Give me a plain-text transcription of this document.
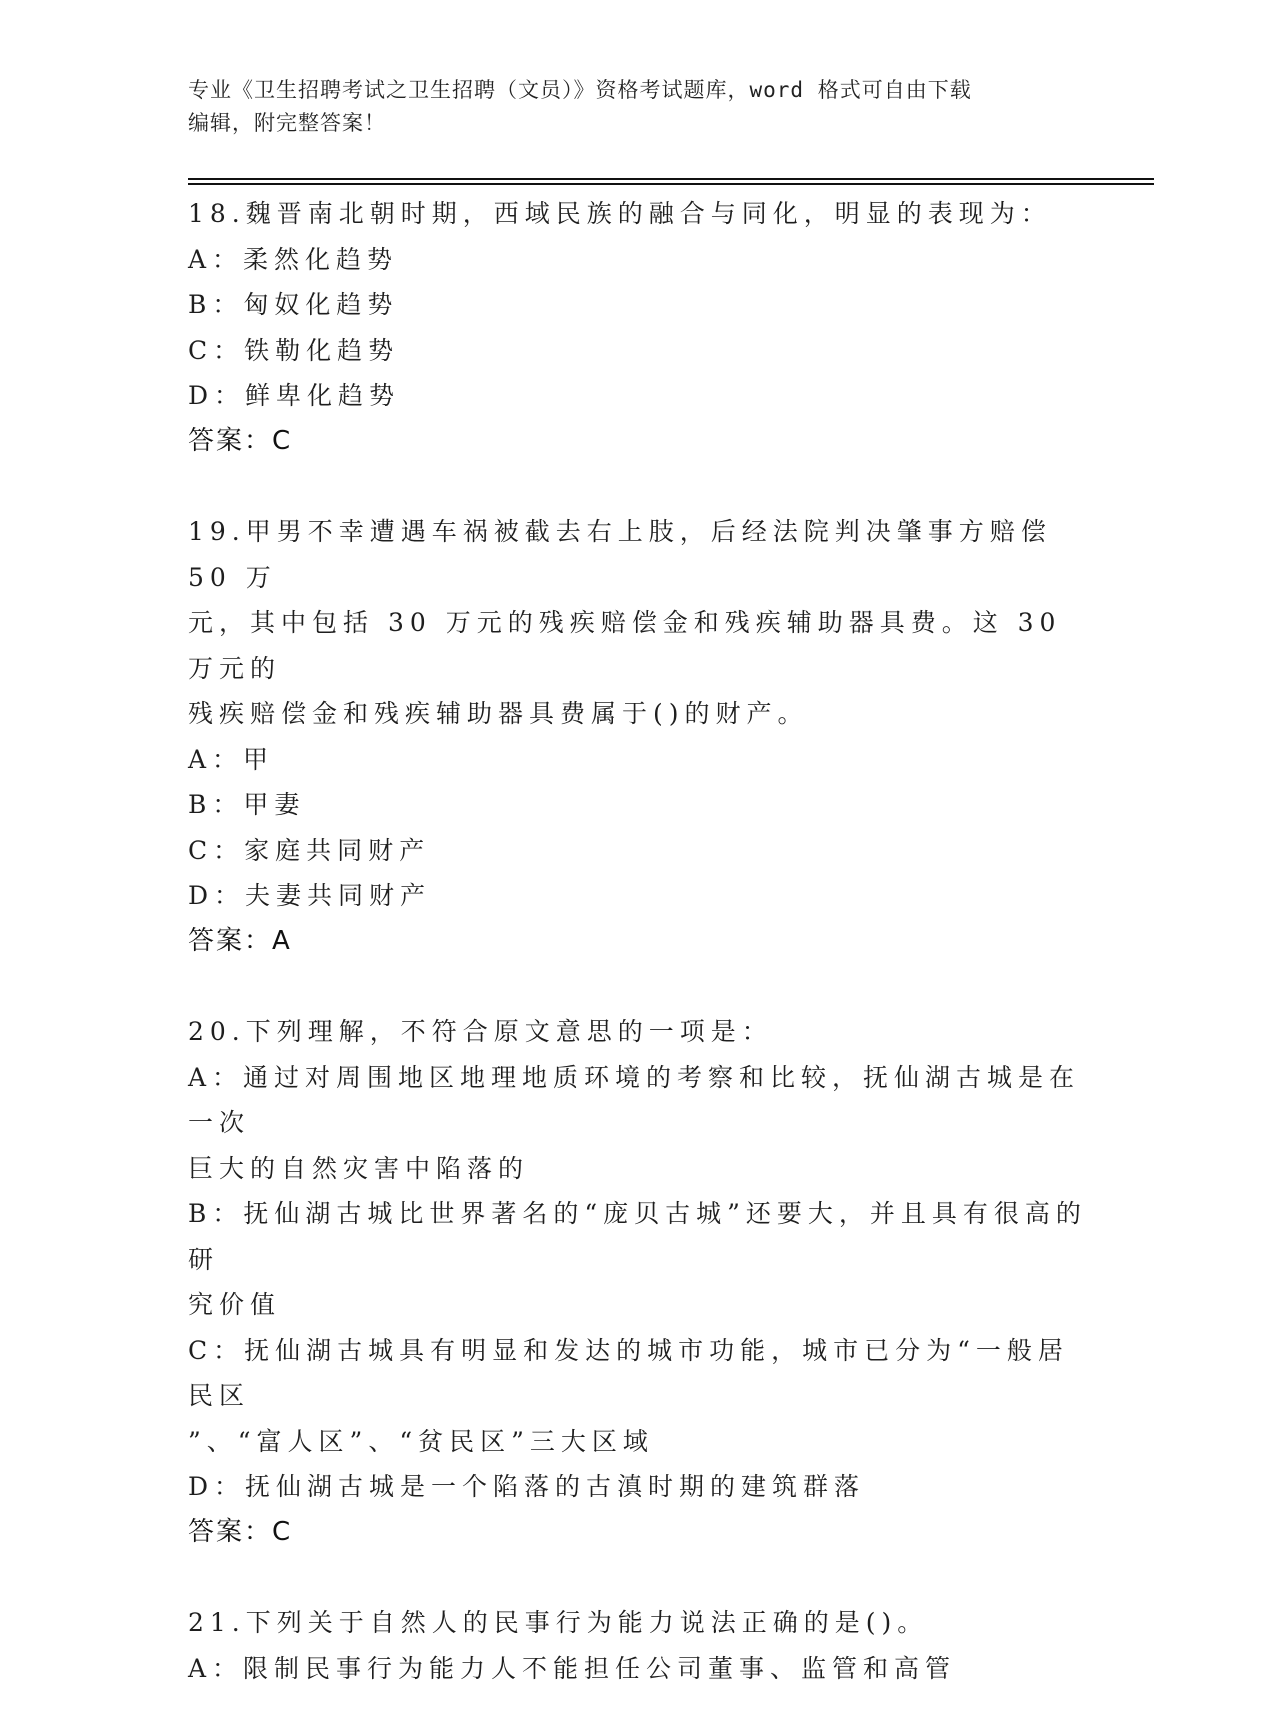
专业《卫生招聘考试之卫生招聘（文员）》资格考试题库，word 格式可自由下载
编辑，附完整答案！
18.魏晋南北朝时期，西域民族的融合与同化，明显的表现为：
A：柔然化趋势
B：匈奴化趋势
C：铁勒化趋势
D：鲜卑化趋势
答案：C
19.甲男不幸遭遇车祸被截去右上肢，后经法院判决肇事方赔偿 50 万
元，其中包括 30 万元的残疾赔偿金和残疾辅助器具费。这 30 万元的
残疾赔偿金和残疾辅助器具费属于()的财产。
A：甲
B：甲妻
C：家庭共同财产
D：夫妻共同财产
答案：A
20.下列理解，不符合原文意思的一项是：
A：通过对周围地区地理地质环境的考察和比较，抚仙湖古城是在一次
巨大的自然灾害中陷落的
B：抚仙湖古城比世界著名的“庞贝古城”还要大，并且具有很高的研
究价值
C：抚仙湖古城具有明显和发达的城市功能，城市已分为“一般居民区
”、“富人区”、“贫民区”三大区域
D：抚仙湖古城是一个陷落的古滇时期的建筑群落
答案：C
21.下列关于自然人的民事行为能力说法正确的是()。
A：限制民事行为能力人不能担任公司董事、监管和高管
